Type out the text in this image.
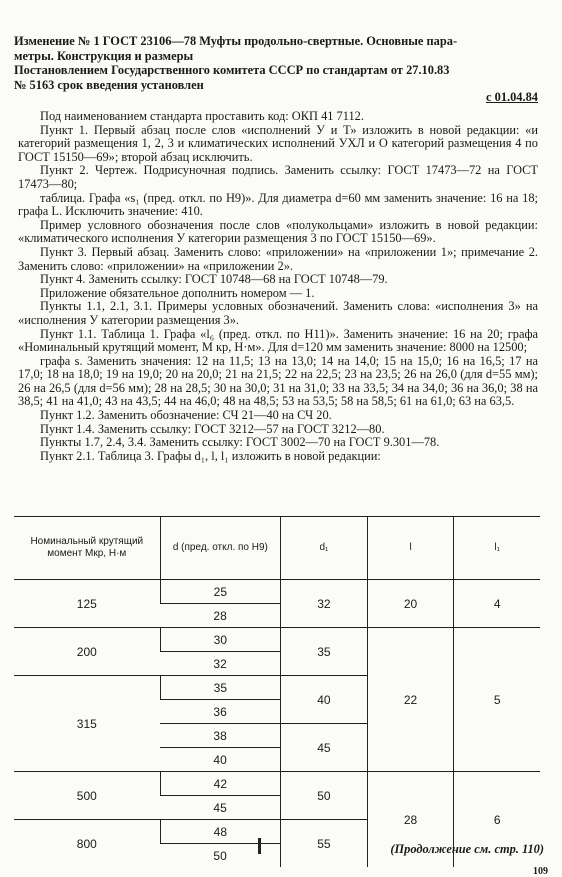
Изменение № 1 ГОСТ 23106—78 Муфты продольно-свертные. Основные пара-
метры. Конструкция и размеры
Постановлением Государственного комитета СССР по стандартам от 27.10.83
№ 5163 срок введения установлен
с 01.04.84

Под наименованием стандарта проставить код: ОКП 41 7112.

Пункт 1. Первый абзац после слов «исполнений У и Т» изложить в новой редакции: «и категорий размещения 1, 2, 3 и климатических исполнений УХЛ и О категорий размещения 4 по ГОСТ 15150—69»; второй абзац исключить.

Пункт 2. Чертеж. Подрисуночная подпись. Заменить ссылку: ГОСТ 17473—72 на ГОСТ 17473—80;

таблица. Графа «s₁ (пред. откл. по Н9)». Для диаметра d=60 мм заменить значение: 16 на 18; графа L. Исключить значение: 410.

Пример условного обозначения после слов «полукольцами» изложить в новой редакции: «климатического исполнения У категории размещения 3 по ГОСТ 15150—69».

Пункт 3. Первый абзац. Заменить слово: «приложении» на «приложении 1»; примечание 2. Заменить слово: «приложении» на «приложении 2».

Пункт 4. Заменить ссылку: ГОСТ 10748—68 на ГОСТ 10748—79.

Приложение обязательное дополнить номером — 1.

Пункты 1.1, 2.1, 3.1. Примеры условных обозначений. Заменить слова: «исполнения 3» на «исполнения У категории размещения 3».

Пункт 1.1. Таблица 1. Графа «l₆ (пред. откл. по Н11)». Заменить значение: 16 на 20; графа «Номинальный крутящий момент, M кр, Н·м». Для d=120 мм заменить значение: 8000 на 12500;

графа s. Заменить значения: 12 на 11,5; 13 на 13,0; 14 на 14,0; 15 на 15,0; 16 на 16,5; 17 на 17,0; 18 на 18,0; 19 на 19,0; 20 на 20,0; 21 на 21,5; 22 на 22,5; 23 на 23,5; 26 на 26,0 (для d=55 мм); 26 на 26,5 (для d=56 мм); 28 на 28,5; 30 на 30,0; 31 на 31,0; 33 на 33,5; 34 на 34,0; 36 на 36,0; 38 на 38,5; 41 на 41,0; 43 на 43,5; 44 на 46,0; 48 на 48,5; 53 на 53,5; 58 на 58,5; 61 на 61,0; 63 на 63,5.

Пункт 1.2. Заменить обозначение: СЧ 21—40 на СЧ 20.

Пункт 1.4. Заменить ссылку: ГОСТ 3212—57 на ГОСТ 3212—80.

Пункты 1.7, 2.4, 3.4. Заменить ссылку: ГОСТ 3002—70 на ГОСТ 9.301—78.

Пункт 2.1. Таблица 3. Графы d₁, l, l₁ изложить в новой редакции:

Номинальный крутящий момент Mкр, Н·м	d (пред. откл. по Н9)	d₁	l	l₁
125	25	32	20	4
	28			
200	30	35	22	5
	32			
315	35	40		
	36			
	38	45		
	40			
500	42	50	28	6
	45			
800	48	55		
	50				(Продолжение см. стр. 110)
109
